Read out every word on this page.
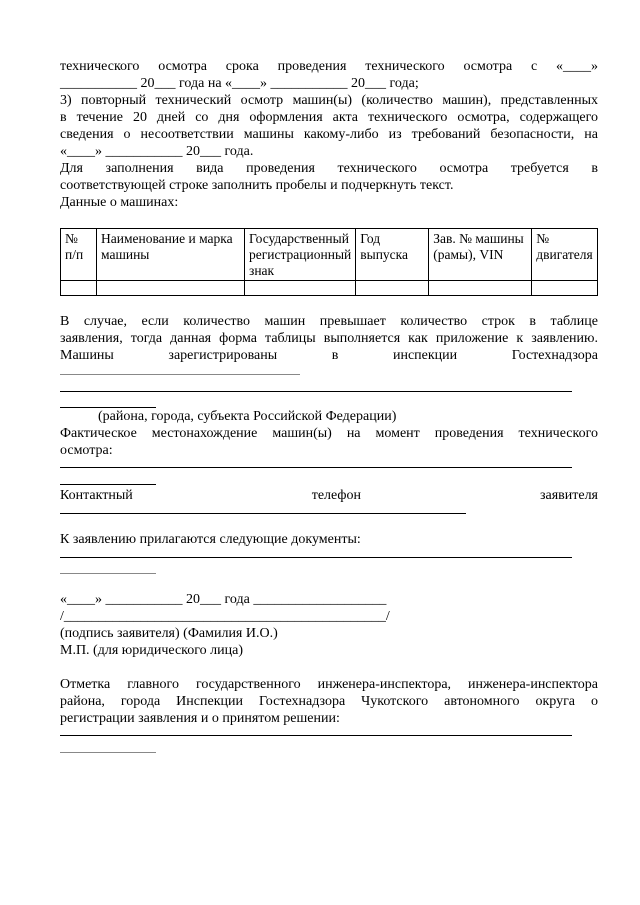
технического осмотра срока проведения технического осмотра с «____»

___________ 20___ года на «____» ___________ 20___ года;

3) повторный технический осмотр машин(ы) (количество машин), представленных

в течение 20 дней со дня оформления акта технического осмотра, содержащего

сведения о несоответствии машины какому-либо из требований безопасности, на

«____» ___________ 20___ года.

Для заполнения вида проведения технического осмотра требуется в

соответствующей строке заполнить пробелы и подчеркнуть текст.

Данные о машинах:

№ п/п	Наименование и марка машины	Государственный регистрационный знак	Год выпуска	Зав. № машины (рамы), VIN	№ двигателя

В случае, если количество машин превышает количество строк в таблице

заявления, тогда данная форма таблицы выполняется как приложение к заявлению.

Машины зарегистрированы в инспекции Гостехнадзора

(района, города, субъекта Российской Федерации)

Фактическое местонахождение машин(ы) на момент проведения технического

осмотра:

Контактный телефон заявителя

К заявлению прилагаются следующие документы:

«____» ___________ 20___ года ___________________

/______________________________________________/

(подпись заявителя) (Фамилия И.О.)

М.П. (для юридического лица)

Отметка главного государственного инженера-инспектора, инженера-инспектора

района, города Инспекции Гостехнадзора Чукотского автономного округа о

регистрации заявления и о принятом решении:
